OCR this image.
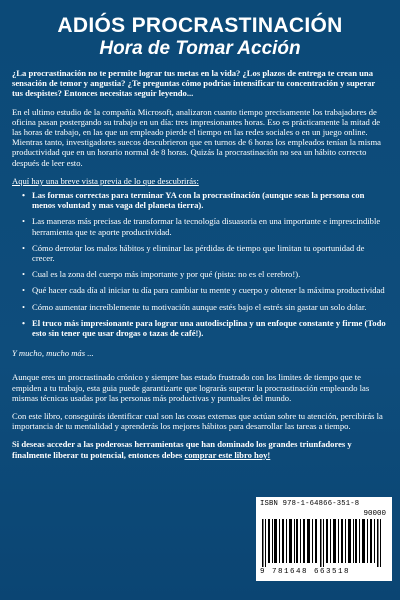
ADIÓS PROCRASTINACIÓN
Hora de Tomar Acción

¿La procrastinación no te permite lograr tus metas en la vida? ¿Los plazos de entrega te crean una sensación de temor y angustia? ¿Te preguntas cómo podrías intensificar tu concentración y superar tus despistes? Entonces necesitas seguir leyendo...

En el ultimo estudio de la compañía Microsoft, analizaron cuanto tiempo precisamente los trabajadores de oficina pasan postergando su trabajo en un día: tres impresionantes horas. Eso es prácticamente la mitad de las horas de trabajo, en las que un empleado pierde el tiempo en las redes sociales o en un juego online. Mientras tanto, investigadores suecos descubrieron que en turnos de 6 horas los empleados tenían la misma productividad que en un horario normal de 8 horas. Quizás la procrastinación no sea un hábito correcto después de leer esto.

Aquí hay una breve vista previa de lo que descubrirás:

• Las formas correctas para terminar YA con la procrastinación (aunque seas la persona con menos voluntad y mas vaga del planeta tierra).
• Las maneras más precisas de transformar la tecnología disuasoria en una importante e imprescindible herramienta que te aporte productividad.
• Cómo derrotar los malos hábitos y eliminar las pérdidas de tiempo que limitan tu oportunidad de crecer.
• Cual es la zona del cuerpo más importante y por qué (pista: no es el cerebro!).
• Qué hacer cada día al iniciar tu día para cambiar tu mente y cuerpo y obtener la máxima productividad
• Cómo aumentar increíblemente tu motivación aunque estés bajo el estrés sin gastar un solo dolar.
• El truco más impresionante para lograr una autodisciplina y un enfoque constante y firme (Todo esto sin tener que usar drogas o tazas de café!).

Y mucho, mucho más ...

Aunque eres un procrastinado crónico y siempre has estado frustrado con los limites de tiempo que te empiden a tu trabajo, esta guia puede garantizarte que lograrás superar la procrastinación empleando las mismas técnicas usadas por las personas más productivas y puntuales del mundo.

Con este libro, conseguirás identificar cual son las cosas externas que actúan sobre tu atención, percibirás la importancia de tu mentalidad y aprenderás los mejores hábitos para desarrollar las tareas a tiempo.

Si deseas acceder a las poderosas herramientas que han dominado los grandes triunfadores y finalmente liberar tu potencial, entonces debes comprar este libro hoy!

ISBN 978-1-64866-351-8
90000
9 781648 663518
